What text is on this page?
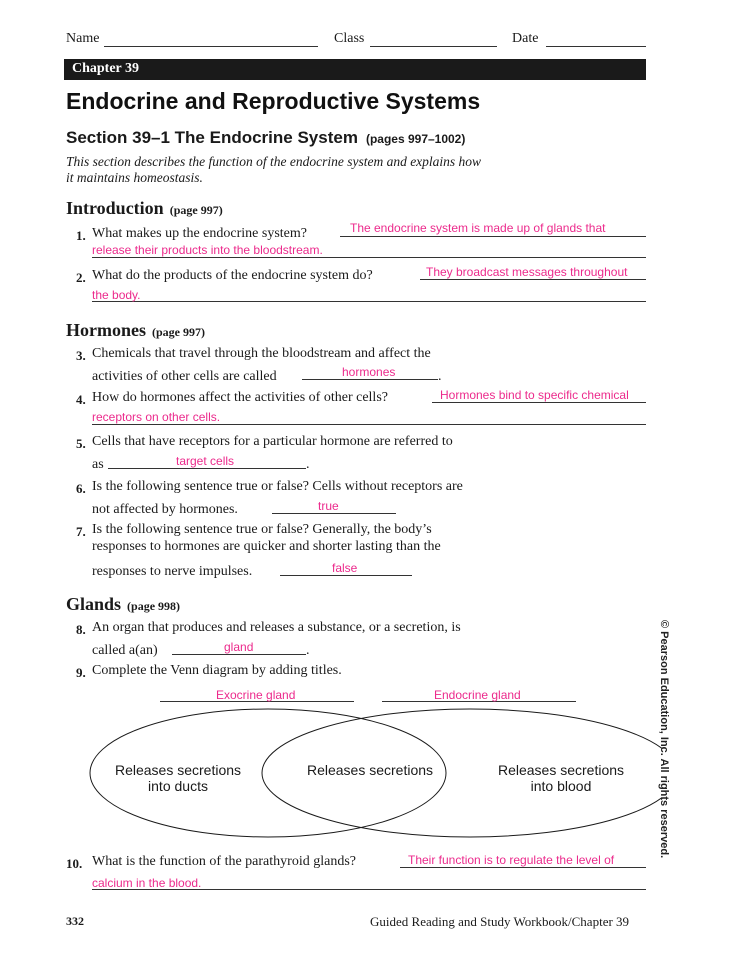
Name	Class	Date
Chapter 39
Endocrine and Reproductive Systems
Section 39–1 The Endocrine System (pages 997–1002)
This section describes the function of the endocrine system and explains how
it maintains homeostasis.
Introduction (page 997)
1. What makes up the endocrine system?	The endocrine system is made up of glands that
release their products into the bloodstream.
2. What do the products of the endocrine system do?	They broadcast messages throughout
the body.
Hormones (page 997)
3. Chemicals that travel through the bloodstream and affect the
activities of other cells are called	hormones	.
4. How do hormones affect the activities of other cells?	Hormones bind to specific chemical
receptors on other cells.
5. Cells that have receptors for a particular hormone are referred to
as	target cells	.
6. Is the following sentence true or false? Cells without receptors are
not affected by hormones.	true
7. Is the following sentence true or false? Generally, the body’s
responses to hormones are quicker and shorter lasting than the
responses to nerve impulses.	false
Glands (page 998)
8. An organ that produces and releases a substance, or a secretion, is
called a(an)	gland	.
9. Complete the Venn diagram by adding titles.
Exocrine gland	Endocrine gland
Releases secretions
into ducts
Releases secretions	Releases secretions
into blood
10. What is the function of the parathyroid glands?	Their function is to regulate the level of
calcium in the blood.
© Pearson Education, Inc. All rights reserved.
332	Guided Reading and Study Workbook/Chapter 39
